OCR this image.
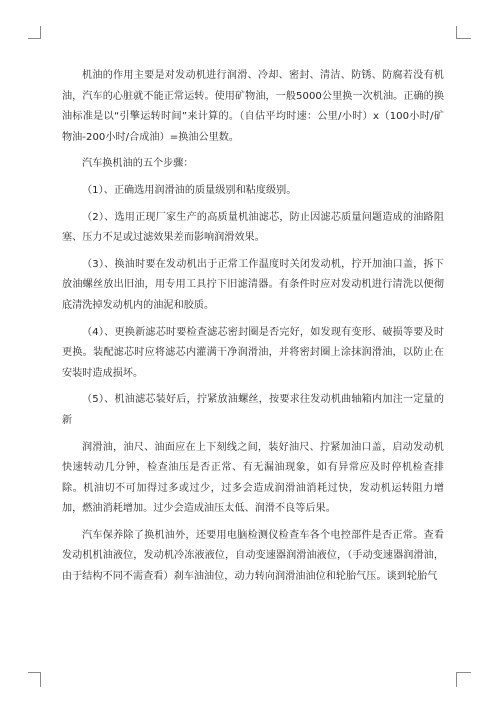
机油的作用主要是对发动机进行润滑、冷却、密封、清洁、防锈、防腐若没有机油，汽车的心脏就不能正常运转。使用矿物油，一般5000公里换一次机油。正确的换油标准是以“引擎运转时间”来计算的。（自估平均时速：公里/小时）x（100小时/矿物油-200小时/合成油）=换油公里数。

汽车换机油的五个步骤：

（1）、正确选用润滑油的质量级别和粘度级别。

（2）、选用正现厂家生产的高质量机油滤芯，防止因滤芯质量问题造成的油路阻塞、压力不足或过滤效果差而影响润滑效果。

（3）、换油时要在发动机出于正常工作温度时关闭发动机，拧开加油口盖，拆下放油螺丝放出旧油，用专用工具拧下旧滤清器。有条件时应对发动机进行清洗以便彻底清洗掉发动机内的油泥和胶质。

（4）、更换新滤芯时要检查滤芯密封圈是否完好，如发现有变形、破损等要及时更换。装配滤芯时应将滤芯内灌满干净润滑油，并将密封圈上涂抹润滑油，以防止在安装时造成损坏。

（5）、机油滤芯装好后，拧紧放油螺丝，按要求往发动机曲轴箱内加注一定量的新

润滑油，油尺、油面应在上下刻线之间，装好油尺、拧紧加油口盖，启动发动机快速转动几分钟，检查油压是否正常、有无漏油现象，如有异常应及时停机检查排除。机油切不可加得过多或过少，过多会造成润滑油消耗过快，发动机运转阻力增加，燃油消耗增加。过少会造成油压太低、润滑不良等后果。

汽车保养除了换机油外，还要用电脑检测仪检查车各个电控部件是否正常。查看发动机机油液位，发动机冷冻液液位，自动变速器润滑油液位，（手动变速器润滑油，由于结构不同不需查看）刹车油油位，动力转向润滑油油位和轮胎气压。谈到轮胎气
